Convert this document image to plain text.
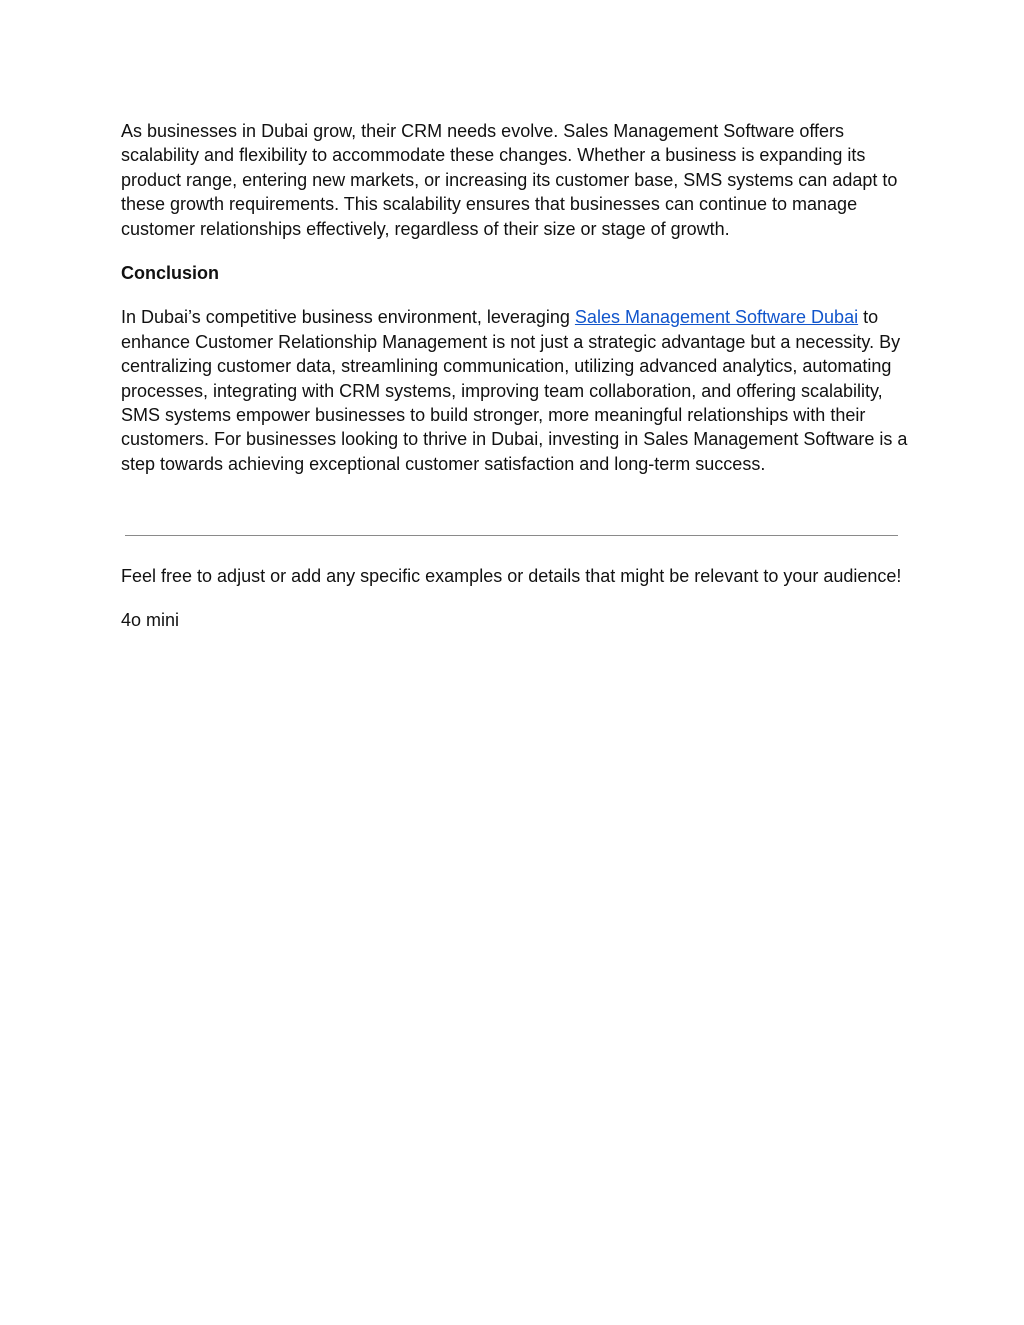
As businesses in Dubai grow, their CRM needs evolve. Sales Management Software offers scalability and flexibility to accommodate these changes. Whether a business is expanding its product range, entering new markets, or increasing its customer base, SMS systems can adapt to these growth requirements. This scalability ensures that businesses can continue to manage customer relationships effectively, regardless of their size or stage of growth.

Conclusion

In Dubai’s competitive business environment, leveraging Sales Management Software Dubai to enhance Customer Relationship Management is not just a strategic advantage but a necessity. By centralizing customer data, streamlining communication, utilizing advanced analytics, automating processes, integrating with CRM systems, improving team collaboration, and offering scalability, SMS systems empower businesses to build stronger, more meaningful relationships with their customers. For businesses looking to thrive in Dubai, investing in Sales Management Software is a step towards achieving exceptional customer satisfaction and long-term success.

Feel free to adjust or add any specific examples or details that might be relevant to your audience!

4o mini
